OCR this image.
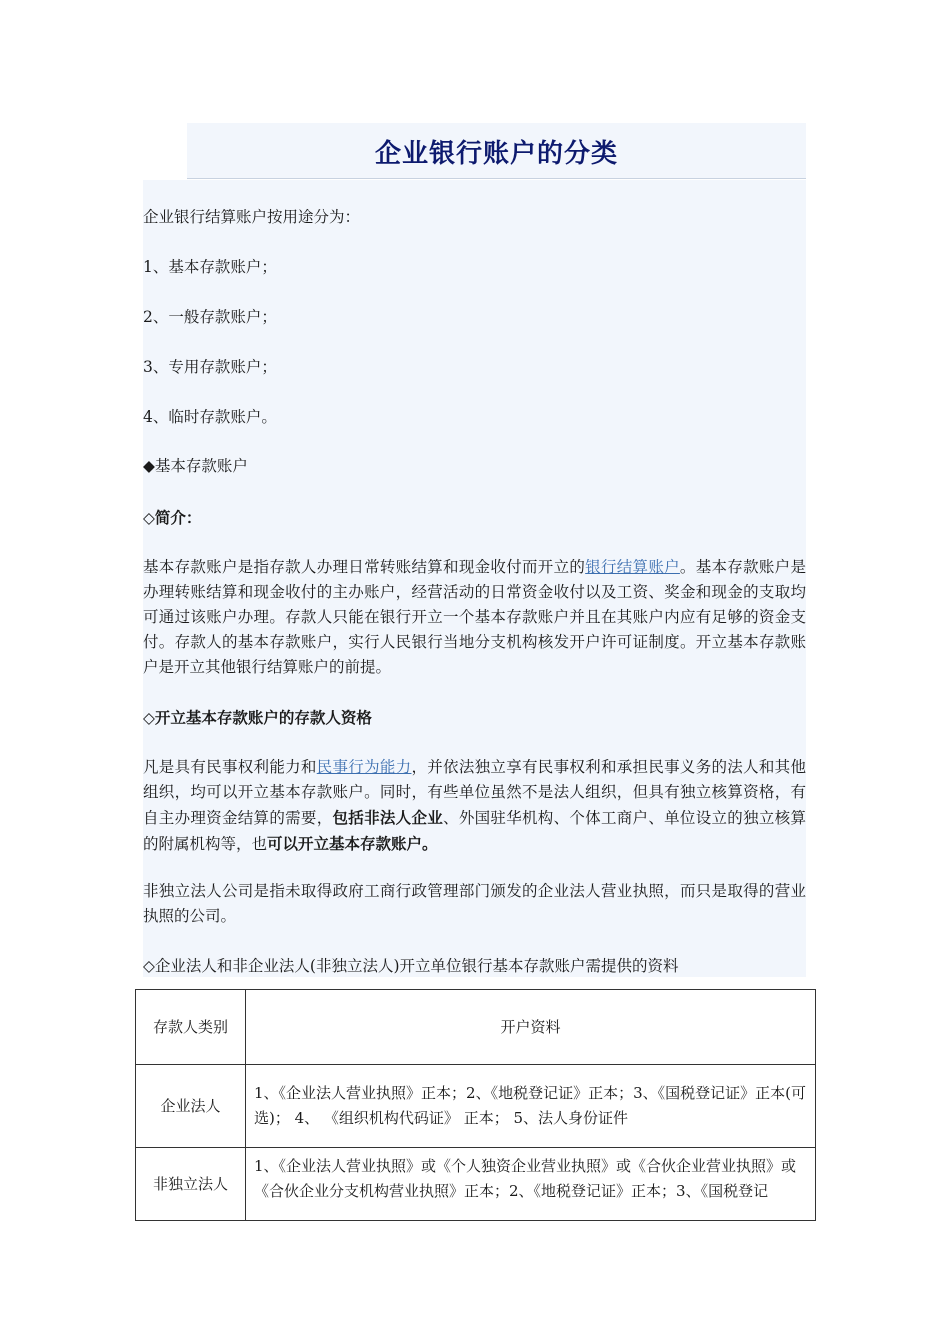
企业银行账户的分类

企业银行结算账户按用途分为：

1、基本存款账户；

2、一般存款账户；

3、专用存款账户；

4、临时存款账户。

◆基本存款账户

◇简介：

基本存款账户是指存款人办理日常转账结算和现金收付而开立的银行结算账户。基本存款账户是办理转账结算和现金收付的主办账户，经营活动的日常资金收付以及工资、奖金和现金的支取均可通过该账户办理。存款人只能在银行开立一个基本存款账户并且在其账户内应有足够的资金支付。存款人的基本存款账户，实行人民银行当地分支机构核发开户许可证制度。开立基本存款账户是开立其他银行结算账户的前提。

◇开立基本存款账户的存款人资格

凡是具有民事权利能力和民事行为能力，并依法独立享有民事权利和承担民事义务的法人和其他组织，均可以开立基本存款账户。同时，有些单位虽然不是法人组织，但具有独立核算资格，有自主办理资金结算的需要，包括非法人企业、外国驻华机构、个体工商户、单位设立的独立核算的附属机构等，也可以开立基本存款账户。

非独立法人公司是指未取得政府工商行政管理部门颁发的企业法人营业执照，而只是取得的营业执照的公司。

◇企业法人和非企业法人(非独立法人)开立单位银行基本存款账户需提供的资料

存款人类别	开户资料
企业法人	1、《企业法人营业执照》正本；2、《地税登记证》正本；3、《国税登记证》正本(可选)； 4、 《组织机构代码证》 正本； 5、法人身份证件
非独立法人	1、《企业法人营业执照》或《个人独资企业营业执照》或《合伙企业营业执照》或《合伙企业分支机构营业执照》正本；2、《地税登记证》正本；3、《国税登记
